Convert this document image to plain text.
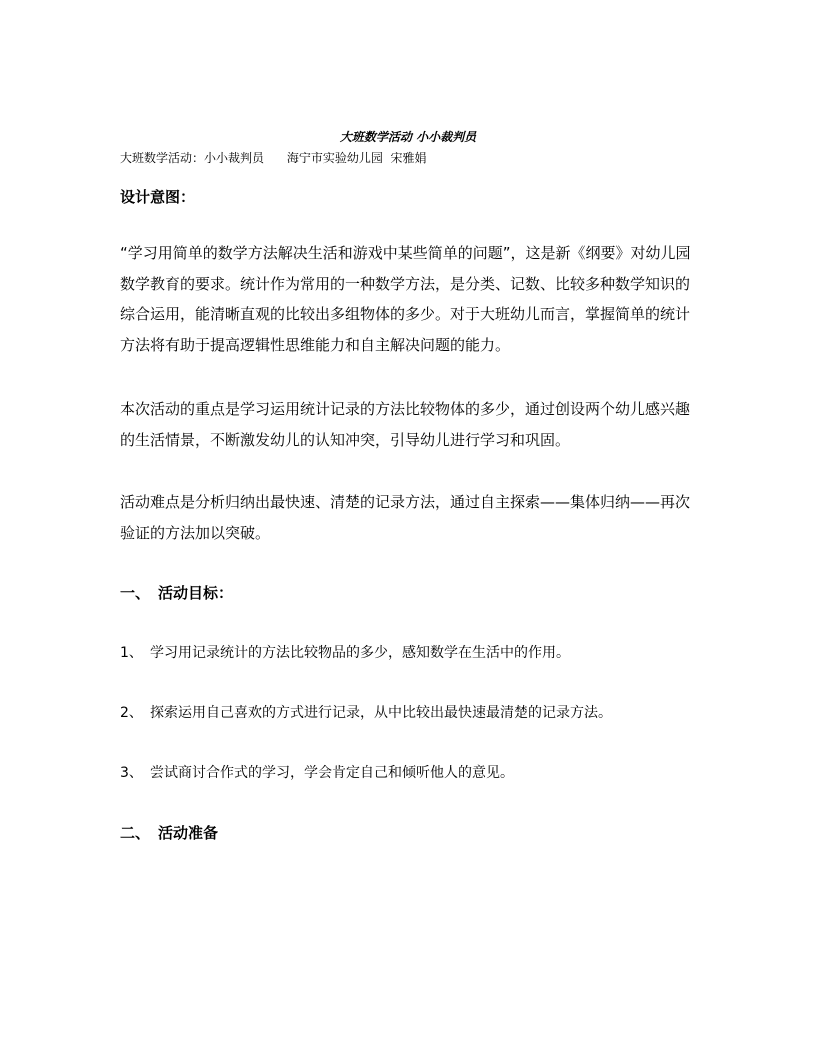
大班数学活动 小小裁判员
大班数学活动：小小裁判员      海宁市实验幼儿园  宋雅娟
设计意图：
“学习用简单的数学方法解决生活和游戏中某些简单的问题”，这是新《纲要》对幼儿园数学教育的要求。统计作为常用的一种数学方法，是分类、记数、比较多种数学知识的综合运用，能清晰直观的比较出多组物体的多少。对于大班幼儿而言，掌握简单的统计方法将有助于提高逻辑性思维能力和自主解决问题的能力。
本次活动的重点是学习运用统计记录的方法比较物体的多少，通过创设两个幼儿感兴趣的生活情景，不断激发幼儿的认知冲突，引导幼儿进行学习和巩固。
活动难点是分析归纳出最快速、清楚的记录方法，通过自主探索——集体归纳——再次验证的方法加以突破。
一、 活动目标：
1、 学习用记录统计的方法比较物品的多少，感知数学在生活中的作用。
2、 探索运用自己喜欢的方式进行记录，从中比较出最快速最清楚的记录方法。
3、 尝试商讨合作式的学习，学会肯定自己和倾听他人的意见。
二、 活动准备
